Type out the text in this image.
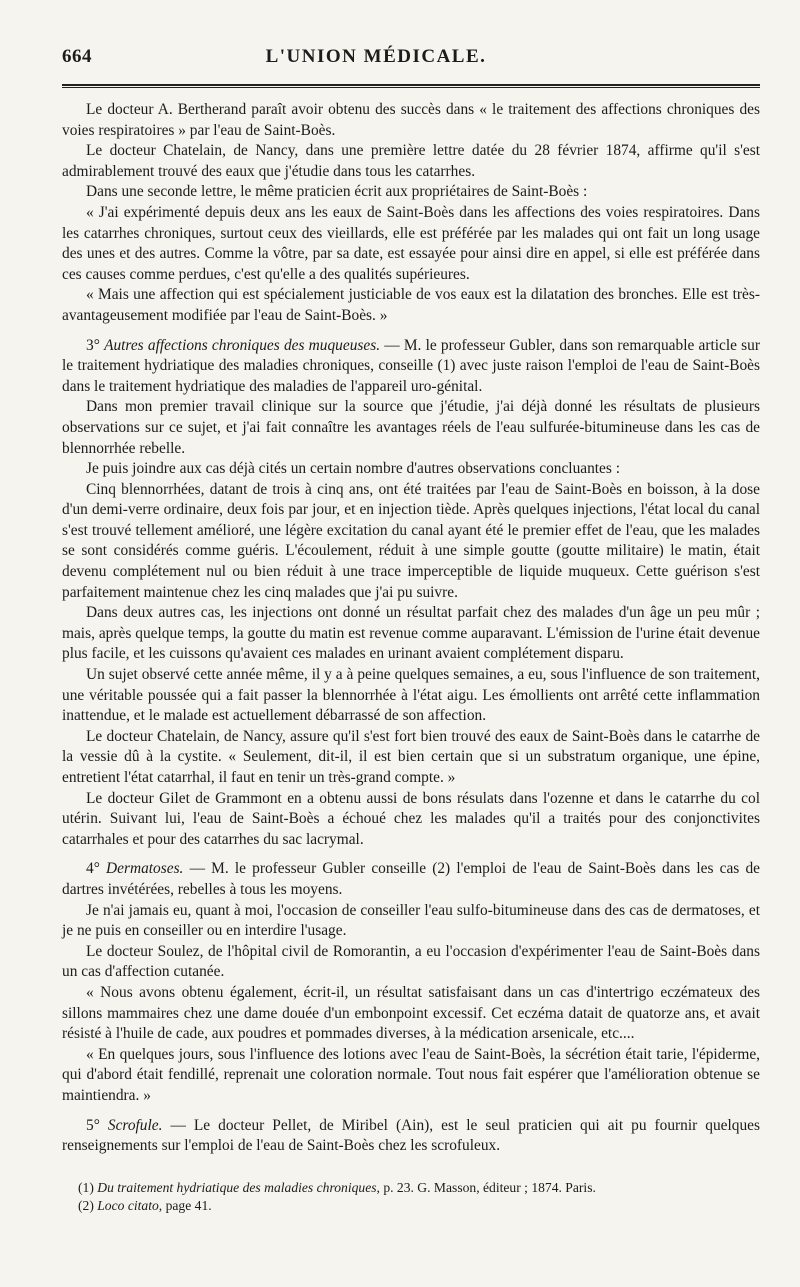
664	L'UNION MÉDICALE.

Le docteur A. Bertherand paraît avoir obtenu des succès dans « le traitement des affections chroniques des voies respiratoires » par l'eau de Saint-Boès.

Le docteur Chatelain, de Nancy, dans une première lettre datée du 28 février 1874, affirme qu'il s'est admirablement trouvé des eaux que j'étudie dans tous les catarrhes.

Dans une seconde lettre, le même praticien écrit aux propriétaires de Saint-Boès :

« J'ai expérimenté depuis deux ans les eaux de Saint-Boès dans les affections des voies respiratoires. Dans les catarrhes chroniques, surtout ceux des vieillards, elle est préférée par les malades qui ont fait un long usage des unes et des autres. Comme la vôtre, par sa date, est essayée pour ainsi dire en appel, si elle est préférée dans ces causes comme perdues, c'est qu'elle a des qualités supérieures.

« Mais une affection qui est spécialement justiciable de vos eaux est la dilatation des bronches. Elle est très-avantageusement modifiée par l'eau de Saint-Boès. »

3° Autres affections chroniques des muqueuses. — M. le professeur Gubler, dans son remarquable article sur le traitement hydriatique des maladies chroniques, conseille (1) avec juste raison l'emploi de l'eau de Saint-Boès dans le traitement hydriatique des maladies de l'appareil uro-génital.

Dans mon premier travail clinique sur la source que j'étudie, j'ai déjà donné les résultats de plusieurs observations sur ce sujet, et j'ai fait connaître les avantages réels de l'eau sulfurée-bitumineuse dans les cas de blennorrhée rebelle.

Je puis joindre aux cas déjà cités un certain nombre d'autres observations concluantes :

Cinq blennorrhées, datant de trois à cinq ans, ont été traitées par l'eau de Saint-Boès en boisson, à la dose d'un demi-verre ordinaire, deux fois par jour, et en injection tiède. Après quelques injections, l'état local du canal s'est trouvé tellement amélioré, une légère excitation du canal ayant été le premier effet de l'eau, que les malades se sont considérés comme guéris. L'écoulement, réduit à une simple goutte (goutte militaire) le matin, était devenu complétement nul ou bien réduit à une trace imperceptible de liquide muqueux. Cette guérison s'est parfaitement maintenue chez les cinq malades que j'ai pu suivre.

Dans deux autres cas, les injections ont donné un résultat parfait chez des malades d'un âge un peu mûr ; mais, après quelque temps, la goutte du matin est revenue comme auparavant. L'émission de l'urine était devenue plus facile, et les cuissons qu'avaient ces malades en urinant avaient complétement disparu.

Un sujet observé cette année même, il y a à peine quelques semaines, a eu, sous l'influence de son traitement, une véritable poussée qui a fait passer la blennorrhée à l'état aigu. Les émollients ont arrêté cette inflammation inattendue, et le malade est actuellement débarrassé de son affection.

Le docteur Chatelain, de Nancy, assure qu'il s'est fort bien trouvé des eaux de Saint-Boès dans le catarrhe de la vessie dû à la cystite. « Seulement, dit-il, il est bien certain que si un substratum organique, une épine, entretient l'état catarrhal, il faut en tenir un très-grand compte. »

Le docteur Gilet de Grammont en a obtenu aussi de bons résulats dans l'ozenne et dans le catarrhe du col utérin. Suivant lui, l'eau de Saint-Boès a échoué chez les malades qu'il a traités pour des conjonctivites catarrhales et pour des catarrhes du sac lacrymal.

4° Dermatoses. — M. le professeur Gubler conseille (2) l'emploi de l'eau de Saint-Boès dans les cas de dartres invétérées, rebelles à tous les moyens.

Je n'ai jamais eu, quant à moi, l'occasion de conseiller l'eau sulfo-bitumineuse dans des cas de dermatoses, et je ne puis en conseiller ou en interdire l'usage.

Le docteur Soulez, de l'hôpital civil de Romorantin, a eu l'occasion d'expérimenter l'eau de Saint-Boès dans un cas d'affection cutanée.

« Nous avons obtenu également, écrit-il, un résultat satisfaisant dans un cas d'intertrigo eczémateux des sillons mammaires chez une dame douée d'un embonpoint excessif. Cet eczéma datait de quatorze ans, et avait résisté à l'huile de cade, aux poudres et pommades diverses, à la médication arsenicale, etc....

« En quelques jours, sous l'influence des lotions avec l'eau de Saint-Boès, la sécrétion était tarie, l'épiderme, qui d'abord était fendillé, reprenait une coloration normale. Tout nous fait espérer que l'amélioration obtenue se maintiendra. »

5° Scrofule. — Le docteur Pellet, de Miribel (Ain), est le seul praticien qui ait pu fournir quelques renseignements sur l'emploi de l'eau de Saint-Boès chez les scrofuleux.

(1) Du traitement hydriatique des maladies chroniques, p. 23. G. Masson, éditeur ; 1874. Paris.
(2) Loco citato, page 41.
